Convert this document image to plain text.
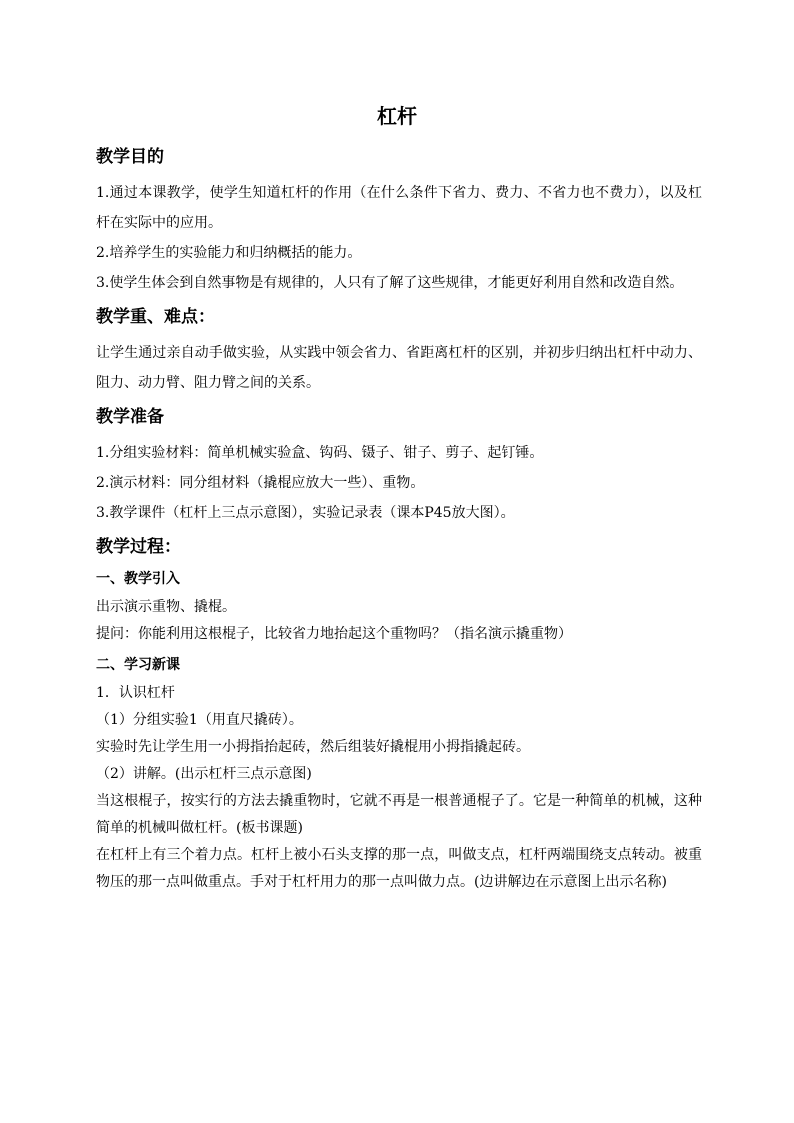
杠杆
教学目的

1.通过本课教学，使学生知道杠杆的作用（在什么条件下省力、费力、不省力也不费力），以及杠杆在实际中的应用。

2.培养学生的实验能力和归纳概括的能力。

3.使学生体会到自然事物是有规律的，人只有了解了这些规律，才能更好利用自然和改造自然。

教学重、难点：

让学生通过亲自动手做实验，从实践中领会省力、省距离杠杆的区别，并初步归纳出杠杆中动力、阻力、动力臂、阻力臂之间的关系。

教学准备

1.分组实验材料：简单机械实验盒、钩码、镊子、钳子、剪子、起钉锤。

2.演示材料：同分组材料（撬棍应放大一些）、重物。

3.教学课件（杠杆上三点示意图），实验记录表（课本P45放大图）。

教学过程：
一、教学引入

出示演示重物、撬棍。

提问：你能利用这根棍子，比较省力地抬起这个重物吗？（指名演示撬重物）

二、学习新课

1．认识杠杆

（1）分组实验1（用直尺撬砖）。

实验时先让学生用一小拇指抬起砖，然后组装好撬棍用小拇指撬起砖。

（2）讲解。(出示杠杆三点示意图)

当这根棍子，按实行的方法去撬重物时，它就不再是一根普通棍子了。它是一种简单的机械，这种简单的机械叫做杠杆。(板书课题)

在杠杆上有三个着力点。杠杆上被小石头支撑的那一点，叫做支点，杠杆两端围绕支点转动。被重物压的那一点叫做重点。手对于杠杆用力的那一点叫做力点。(边讲解边在示意图上出示名称)
